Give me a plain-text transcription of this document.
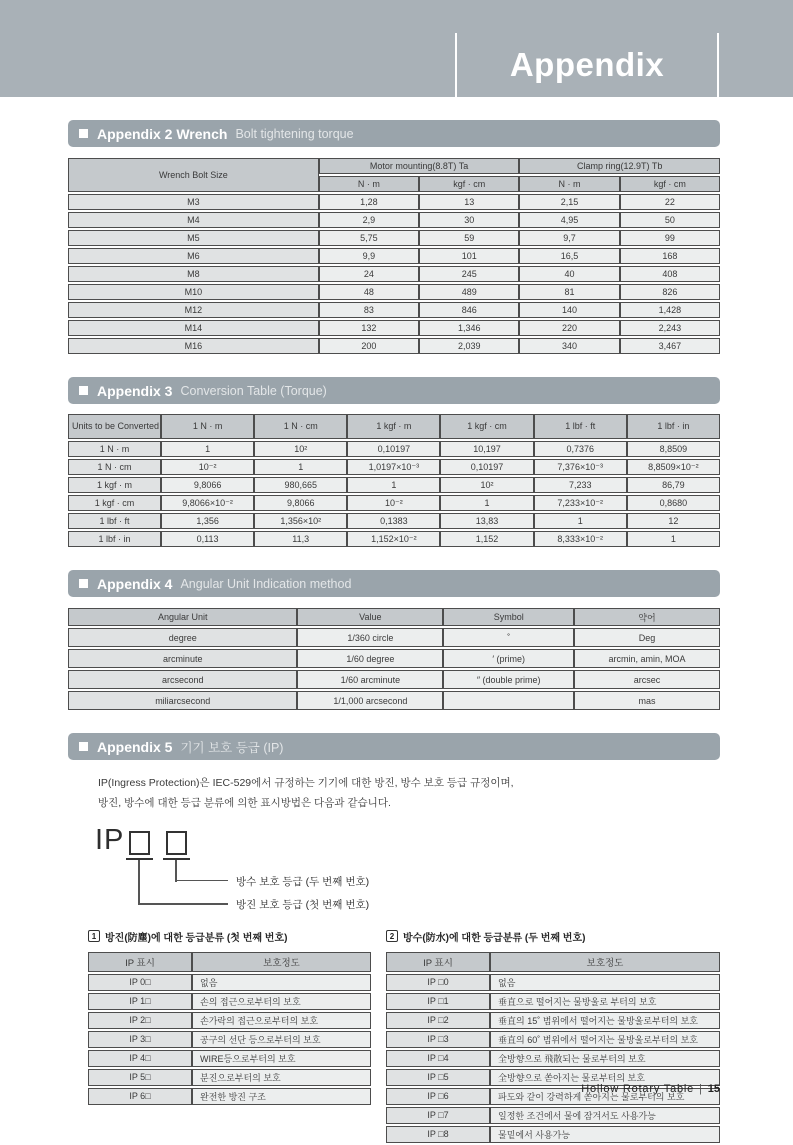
Appendix
Appendix 2 Wrench Bolt tightening torque
Wrench Bolt Size	Motor mounting(8.8T) Ta		Clamp ring(12.9T) Tb	
	N · m	kgf · cm	N · m	kgf · cm
M3	1,28	13	2,15	22
M4	2,9	30	4,95	50
M5	5,75	59	9,7	99
M6	9,9	101	16,5	168
M8	24	245	40	408
M10	48	489	81	826
M12	83	846	140	1,428
M14	132	1,346	220	2,243
M16	200	2,039	340	3,467
Appendix 3 Conversion Table (Torque)
Units to be Converted	1 N · m	1 N · cm	1 kgf · m	1 kgf · cm	1 lbf · ft	1 lbf · in
1 N · m	1	10²	0,10197	10,197	0,7376	8,8509
1 N · cm	10⁻²	1	1,0197×10⁻³	0,10197	7,376×10⁻³	8,8509×10⁻²
1 kgf · m	9,8066	980,665	1	10²	7,233	86,79
1 kgf · cm	9,8066×10⁻²	9,8066	10⁻²	1	7,233×10⁻²	0,8680
1 lbf · ft	1,356	1,356×10²	0,1383	13,83	1	12
1 lbf · in	0,113	11,3	1,152×10⁻²	1,152	8,333×10⁻²	1
Appendix 4 Angular Unit Indication method
Angular Unit	Value	Symbol	약어
degree	1/360 circle	˚	Deg
arcminute	1/60 degree	′ (prime)	arcmin, amin, MOA
arcsecond	1/60 arcminute	″ (double prime)	arcsec
miliarcsecond	1/1,000 arcsecond		mas
Appendix 5 기기 보호 등급 (IP)
IP(Ingress Protection)은 IEC-529에서 규정하는 기기에 대한 방진, 방수 보호 등급 규정이며,
방진, 방수에 대한 등급 분류에 의한 표시방법은 다음과 같습니다.
IP
방수 보호 등급 (두 번째 번호)
방진 보호 등급 (첫 번째 번호)
1 방진(防塵)에 대한 등급분류 (첫 번째 번호)
IP 표시	보호정도
IP 0□	없음
IP 1□	손의 접근으로부터의 보호
IP 2□	손가락의 접근으로부터의 보호
IP 3□	공구의 선단 등으로부터의 보호
IP 4□	WIRE등으로부터의 보호
IP 5□	분진으로부터의 보호
IP 6□	완전한 방진 구조
2 방수(防水)에 대한 등급분류 (두 번째 번호)
IP 표시	보호정도
IP □0	없음
IP □1	垂直으로 떨어지는 물방울로 부터의 보호
IP □2	垂直의 15˚ 범위에서 떨어지는 물방울로부터의 보호
IP □3	垂直의 60˚ 범위에서 떨어지는 물방울로부터의 보호
IP □4	全방향으로 飛散되는 물로부터의 보호
IP □5	全방향으로 쏟아지는 물로부터의 보호
IP □6	파도와 같이 강력하게 쏟아지는 물로부터의 보호
IP □7	일정한 조건에서 물에 잠겨서도 사용가능
IP □8	물밑에서 사용가능
Hollow Rotary Table | 15
